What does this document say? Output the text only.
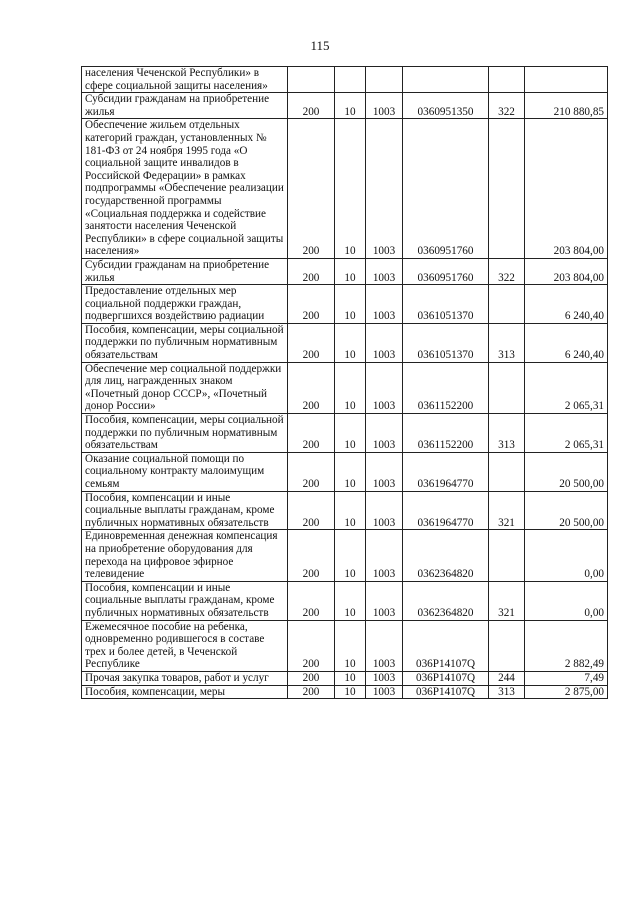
115
населения Чеченской Республики» в сфере социальной защиты населения»						
Субсидии гражданам на приобретение жилья	200	10	1003	0360951350	322	210 880,85
Обеспечение жильем отдельных категорий граждан, установленных № 181-ФЗ от 24 ноября 1995 года «О социальной защите инвалидов в Российской Федерации» в рамках подпрограммы «Обеспечение реализации государственной программы «Социальная поддержка и содействие занятости населения Чеченской Республики» в сфере социальной защиты населения»	200	10	1003	0360951760		203 804,00
Субсидии гражданам на приобретение жилья	200	10	1003	0360951760	322	203 804,00
Предоставление отдельных мер социальной поддержки граждан, подвергшихся воздействию радиации	200	10	1003	0361051370		6 240,40
Пособия, компенсации, меры социальной поддержки по публичным нормативным обязательствам	200	10	1003	0361051370	313	6 240,40
Обеспечение мер социальной поддержки для лиц, награжденных знаком «Почетный донор СССР», «Почетный донор России»	200	10	1003	0361152200		2 065,31
Пособия, компенсации, меры социальной поддержки по публичным нормативным обязательствам	200	10	1003	0361152200	313	2 065,31
Оказание социальной помощи по социальному контракту малоимущим семьям	200	10	1003	0361964770		20 500,00
Пособия, компенсации и иные социальные выплаты гражданам, кроме публичных нормативных обязательств	200	10	1003	0361964770	321	20 500,00
Единовременная денежная компенсация на приобретение оборудования для перехода на цифровое эфирное телевидение	200	10	1003	0362364820		0,00
Пособия, компенсации и иные социальные выплаты гражданам, кроме публичных нормативных обязательств	200	10	1003	0362364820	321	0,00
Ежемесячное пособие на ребенка, одновременно родившегося в составе трех и более детей, в Чеченской Республике	200	10	1003	036P14107Q		2 882,49
Прочая закупка товаров, работ и услуг	200	10	1003	036P14107Q	244	7,49
Пособия, компенсации, меры	200	10	1003	036P14107Q	313	2 875,00
